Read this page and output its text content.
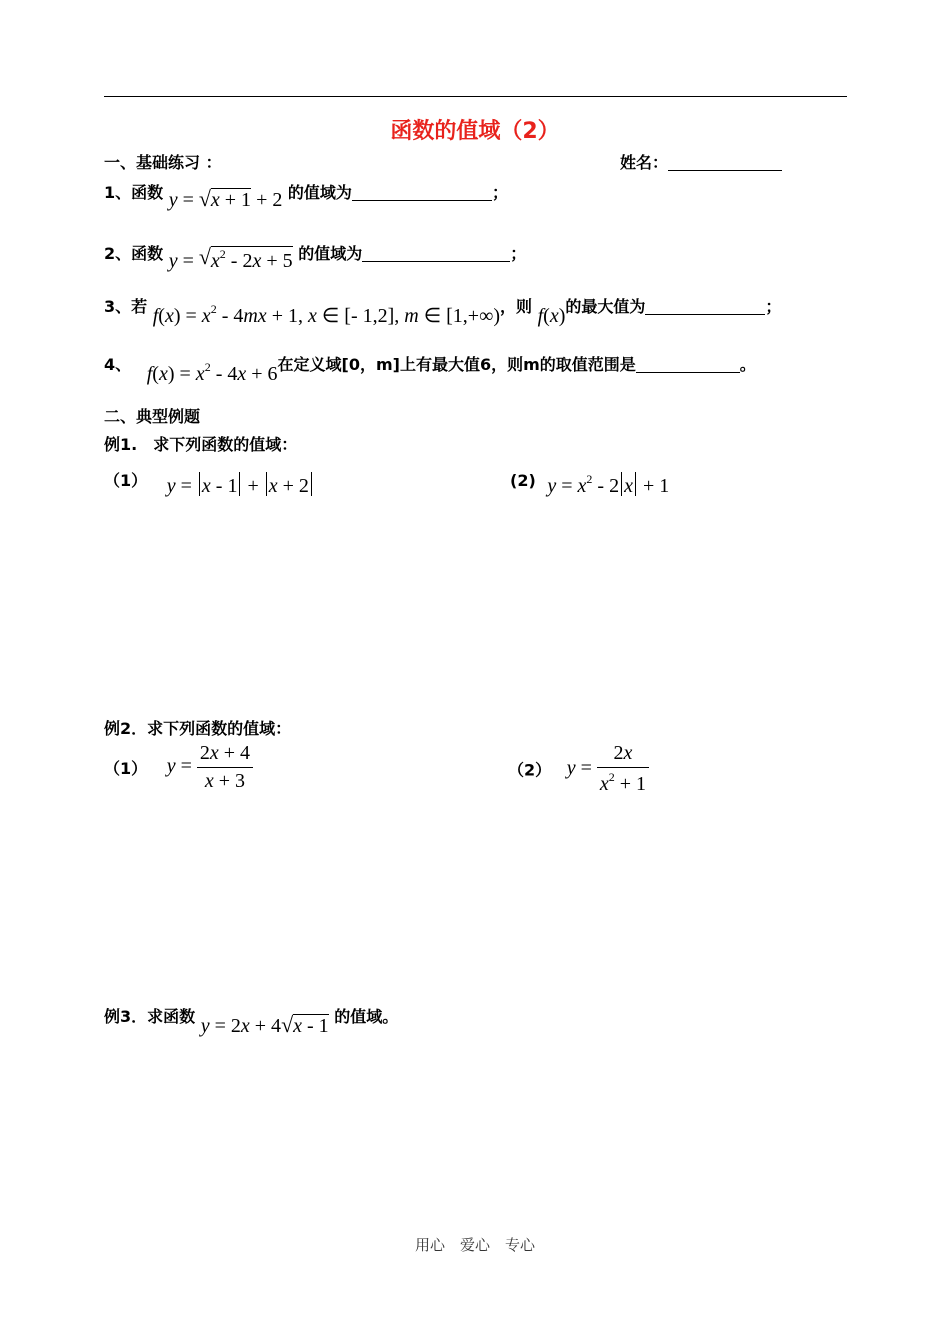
函数的值域（2）
一、基础练习 ：	姓名：
1、函数 y = √ x + 1 + 2 的值域为	；
2、函数 y = √ $x^2 - 2x + 5$ 的值域为	；
3、若 $f(x) = x^2 - 4mx + 1$, x ∈ [- 1,2], m ∈ [1,+∞)，则 f(x)的最大值为	；
4、 $f(x) = x^2 - 4x + 6$在定义域[0，m]上有最大值6，则m的取值范围是	。
二、典型例题
例1.　求下列函数的值域：
（1） y = x - 1 + x + 2	(2) $y = x^2 - 2$ x + 1
例2．求下列函数的值域：
（1） $y = \frac{2x + 4}{x + 3}$	（2） $y = \frac{2x}{x^2 + 1}$
例3．求函数 y = 2x + 4 √ x - 1 的值域。
用心　爱心　专心
